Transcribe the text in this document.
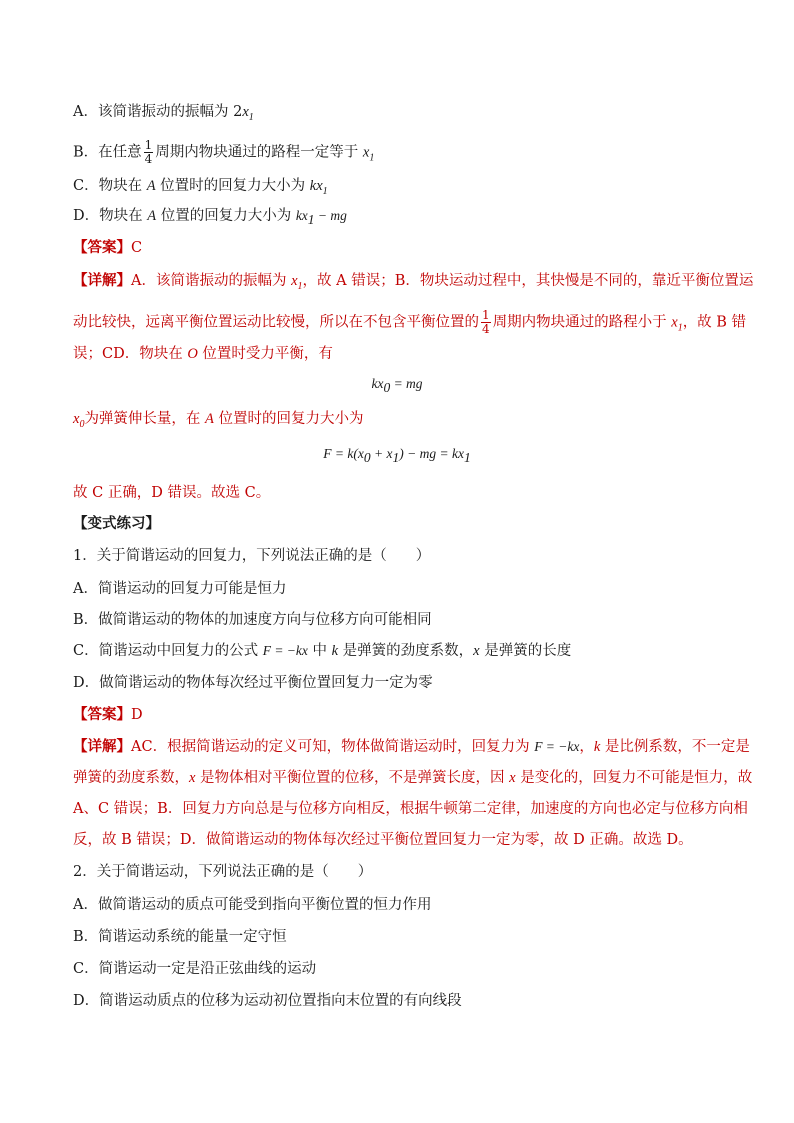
A．该简谐振动的振幅为 $2x_1$
B．在任意 $\frac{1}{4}$ 周期内物块通过的路程一定等于 $x_1$
C．物块在 A 位置时的回复力大小为 $kx_1$
D．物块在 A 位置的回复力大小为 $kx_1$ − mg
【答案】C
【详解】A．该简谐振动的振幅为 $x_1$，故 A 错误；B．物块运动过程中，其快慢是不同的，靠近平衡位置运
动比较快，远离平衡位置运动比较慢，所以在不包含平衡位置的 $\frac{1}{4}$ 周期内物块通过的路程小于 $x_1$，故 B 错
误；CD．物块在 O 位置时受力平衡，有
$kx_0$ = mg
$x_0$为弹簧伸长量，在 A 位置时的回复力大小为
$F = k(x_0 + x_1)$ − mg = $kx_1$
故 C 正确，D 错误。故选 C。
【变式练习】
1．关于简谐运动的回复力，下列说法正确的是（　　）
A．简谐运动的回复力可能是恒力
B．做简谐运动的物体的加速度方向与位移方向可能相同
C．简谐运动中回复力的公式 F = −kx 中 k 是弹簧的劲度系数，x 是弹簧的长度
D．做简谐运动的物体每次经过平衡位置回复力一定为零
【答案】D
【详解】AC．根据简谐运动的定义可知，物体做简谐运动时，回复力为 F = −kx，k 是比例系数，不一定是
弹簧的劲度系数，x 是物体相对平衡位置的位移，不是弹簧长度，因 x 是变化的，回复力不可能是恒力，故
A、C 错误；B．回复力方向总是与位移方向相反，根据牛顿第二定律，加速度的方向也必定与位移方向相
反，故 B 错误；D．做简谐运动的物体每次经过平衡位置回复力一定为零，故 D 正确。故选 D。
2．关于简谐运动，下列说法正确的是（　　）
A．做简谐运动的质点可能受到指向平衡位置的恒力作用
B．简谐运动系统的能量一定守恒
C．简谐运动一定是沿正弦曲线的运动
D．简谐运动质点的位移为运动初位置指向末位置的有向线段
